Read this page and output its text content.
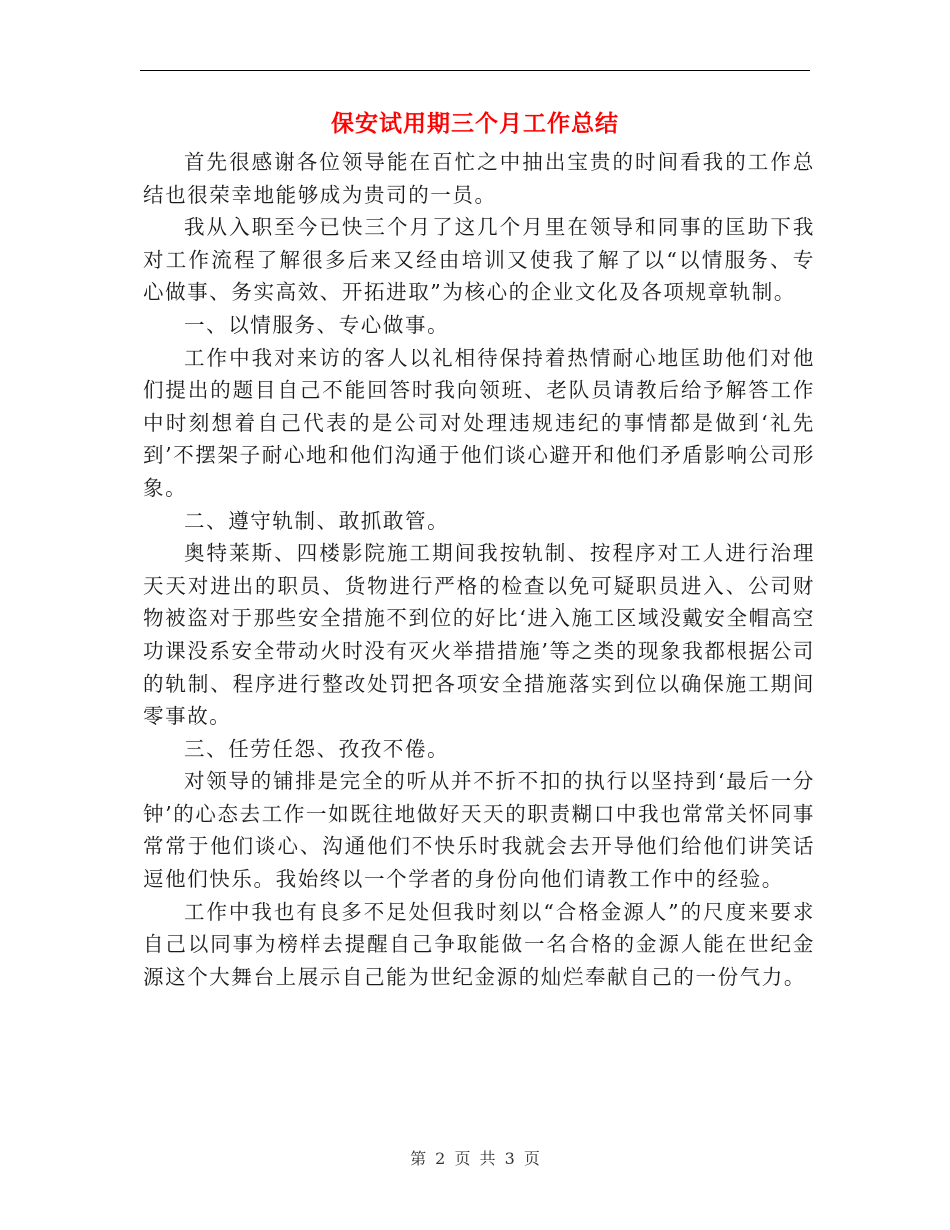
保安试用期三个月工作总结

首先很感谢各位领导能在百忙之中抽出宝贵的时间看我的工作总结也很荣幸地能够成为贵司的一员。

我从入职至今已快三个月了这几个月里在领导和同事的匡助下我对工作流程了解很多后来又经由培训又使我了解了以“以情服务、专心做事、务实高效、开拓进取”为核心的企业文化及各项规章轨制。

一、以情服务、专心做事。

工作中我对来访的客人以礼相待保持着热情耐心地匡助他们对他们提出的题目自己不能回答时我向领班、老队员请教后给予解答工作中时刻想着自己代表的是公司对处理违规违纪的事情都是做到‘礼先到’不摆架子耐心地和他们沟通于他们谈心避开和他们矛盾影响公司形象。

二、遵守轨制、敢抓敢管。

奥特莱斯、四楼影院施工期间我按轨制、按程序对工人进行治理天天对进出的职员、货物进行严格的检查以免可疑职员进入、公司财物被盗对于那些安全措施不到位的好比‘进入施工区域没戴安全帽高空功课没系安全带动火时没有灭火举措措施’等之类的现象我都根据公司的轨制、程序进行整改处罚把各项安全措施落实到位以确保施工期间零事故。

三、任劳任怨、孜孜不倦。

对领导的铺排是完全的听从并不折不扣的执行以坚持到‘最后一分钟’的心态去工作一如既往地做好天天的职责糊口中我也常常关怀同事常常于他们谈心、沟通他们不快乐时我就会去开导他们给他们讲笑话逗他们快乐。我始终以一个学者的身份向他们请教工作中的经验。

工作中我也有良多不足处但我时刻以“合格金源人”的尺度来要求自己以同事为榜样去提醒自己争取能做一名合格的金源人能在世纪金源这个大舞台上展示自己能为世纪金源的灿烂奉献自己的一份气力。

第 2 页 共 3 页
